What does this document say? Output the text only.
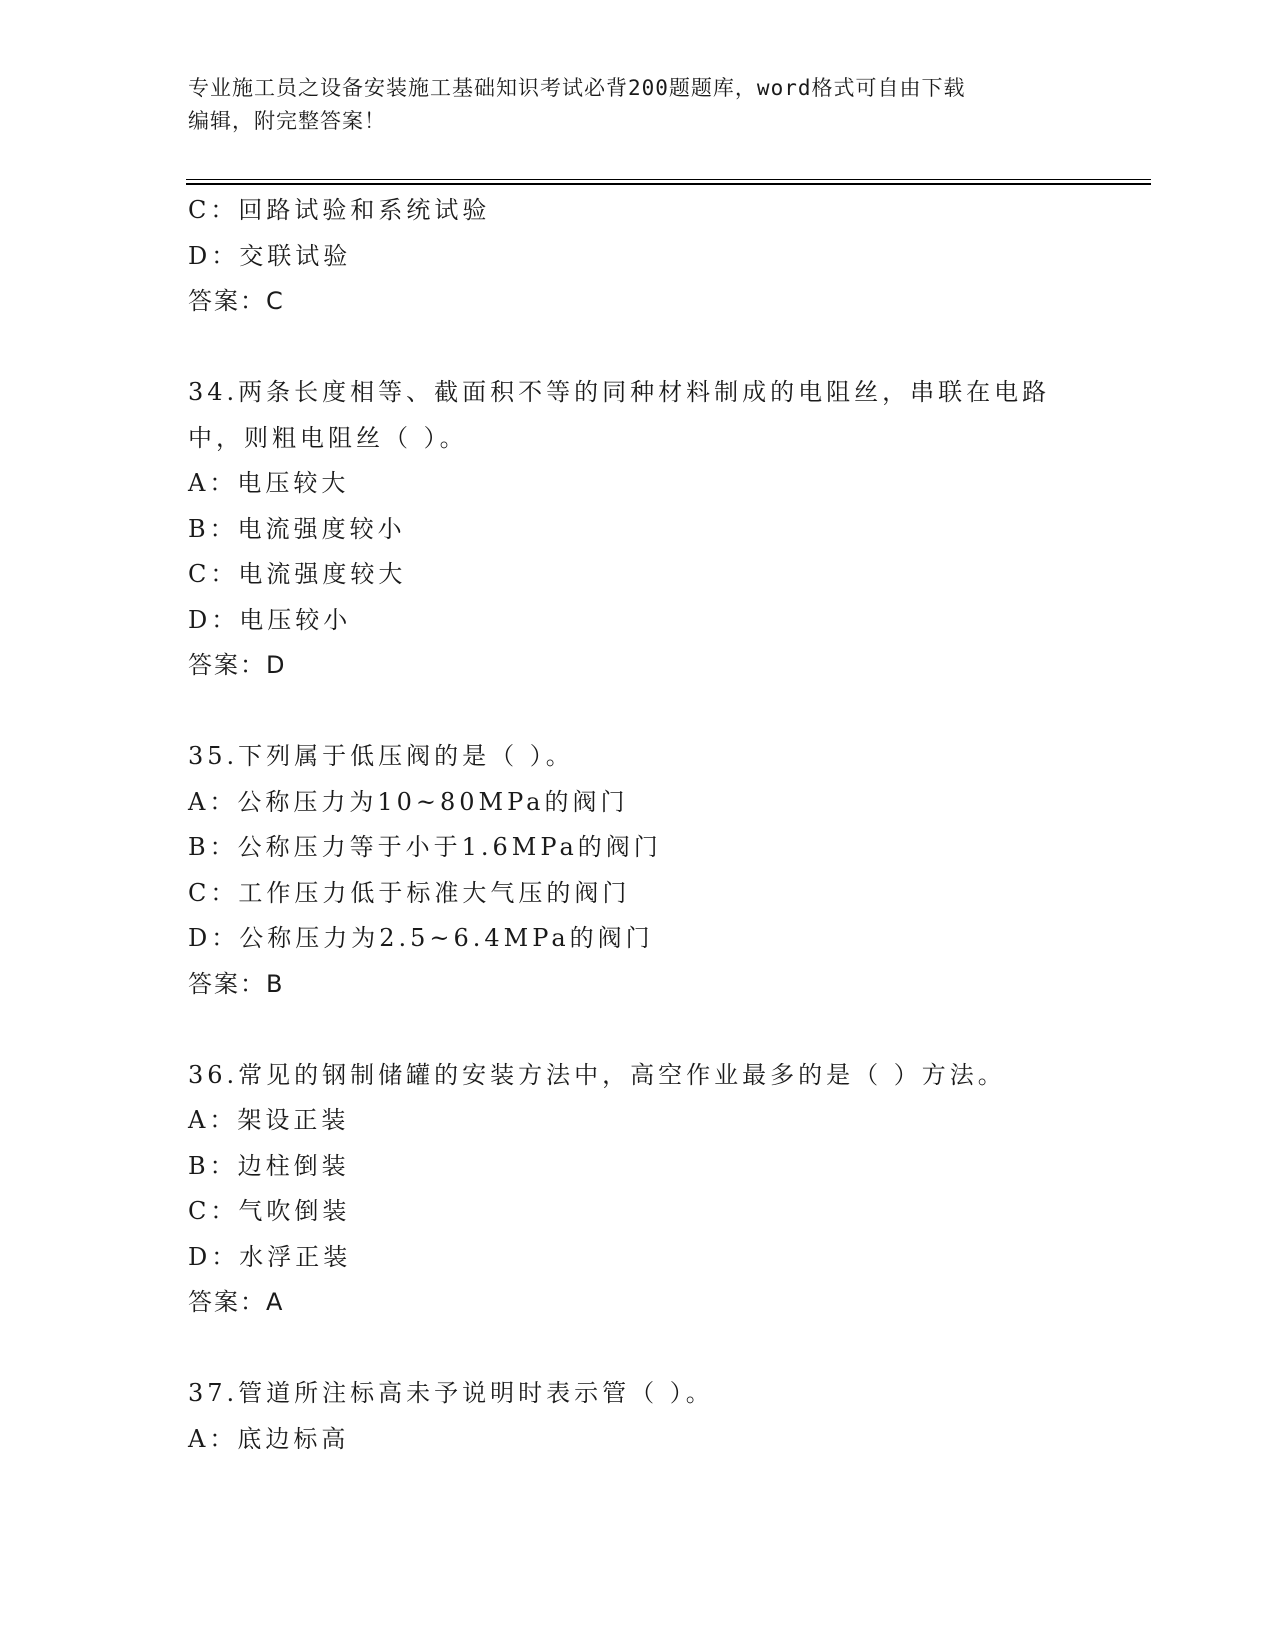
专业施工员之设备安装施工基础知识考试必背200题题库，word格式可自由下载
编辑，附完整答案！
C：回路试验和系统试验
D：交联试验
答案：C
34.两条长度相等、截面积不等的同种材料制成的电阻丝，串联在电路
中，则粗电阻丝（ ）。
A：电压较大
B：电流强度较小
C：电流强度较大
D：电压较小
答案：D
35.下列属于低压阀的是（ ）。
A：公称压力为10~80MPa的阀门
B：公称压力等于小于1.6MPa的阀门
C：工作压力低于标准大气压的阀门
D：公称压力为2.5~6.4MPa的阀门
答案：B
36.常见的钢制储罐的安装方法中，高空作业最多的是（ ）方法。
A：架设正装
B：边柱倒装
C：气吹倒装
D：水浮正装
答案：A
37.管道所注标高未予说明时表示管（ ）。
A：底边标高
